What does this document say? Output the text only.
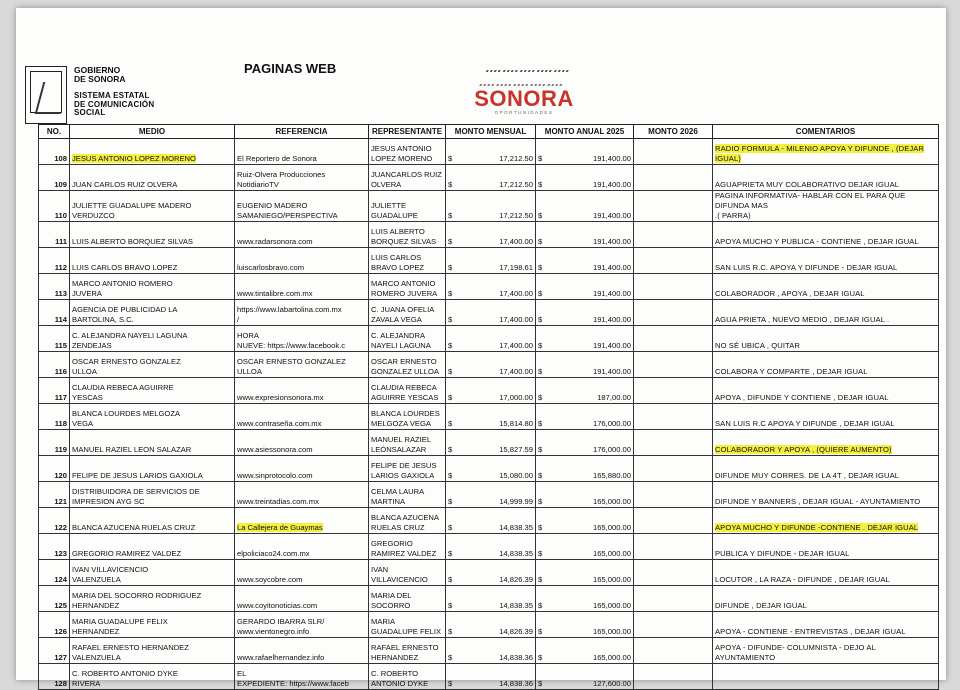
GOBIERNO
DE SONORA
SISTEMA ESTATAL
DE COMUNICACIÓN
SOCIAL
PAGINAS WEB
SONORA
OPORTUNIDADES
NO.	MEDIO	REFERENCIA	REPRESENTANTE	MONTO MENSUAL	MONTO ANUAL 2025	MONTO 2026	COMENTARIOS
108	JESUS ANTONIO LOPEZ MORENO	El Reportero de Sonora	JESUS ANTONIO
LOPEZ MORENO	$ 17,212.50	$ 191,400.00		RADIO FORMULA - MILENIO APOYA Y DIFUNDE , (DEJAR IGUAL)
109	JUAN CARLOS RUIZ OLVERA	Ruiz-Olvera Producciones
NotidiarioTV	JUANCARLOS RUIZ
OLVERA	$ 17,212.50	$ 191,400.00		AGUAPRIETA MUY COLABORATIVO DEJAR IGUAL
110	JULIETTE GUADALUPE MADERO
VERDUZCO	EUGENIO MADERO
SAMANIEGO/PERSPECTIVA	JULIETTE
GUADALUPE	$ 17,212.50	$ 191,400.00		PAGINA INFORMATIVA- HABLAR CON EL PARA QUE DIFUNDA MAS
.( PARRA)
111	LUIS ALBERTO BORQUEZ SILVAS	www.radarsonora.com	LUIS ALBERTO
BORQUEZ SILVAS	$ 17,400.00	$ 191,400.00		APOYA MUCHO Y PUBLICA - CONTIENE , DEJAR IGUAL
112	LUIS CARLOS BRAVO LOPEZ	luiscarlosbravo.com	LUIS CARLOS
BRAVO LOPEZ	$ 17,198.61	$ 191,400.00		SAN LUIS R.C. APOYA Y DIFUNDE - DEJAR IGUAL
113	MARCO ANTONIO ROMERO
JUVERA	www.tintalibre.com.mx	MARCO ANTONIO
ROMERO JUVERA	$ 17,400.00	$ 191,400.00		COLABORADOR , APOYA , DEJAR IGUAL
114	AGENCIA DE PUBLICIDAD LA
BARTOLINA, S.C.	https://www.labartolina.com.mx
/	C. JUANA OFELIA
ZAVALA VEGA	$ 17,400.00	$ 191,400.00		AGUA PRIETA , NUEVO MEDIO , DEJAR IGUAL .
115	C. ALEJANDRA NAYELI LAGUNA
ZENDEJAS	HORA
NUEVE: https://www.facebook.c	C. ALEJANDRA
NAYELI LAGUNA	$ 17,400.00	$ 191,400.00		NO SÉ UBICA , QUITAR
116	OSCAR ERNESTO GONZALEZ
ULLOA	OSCAR ERNESTO GONZALEZ
ULLOA	OSCAR ERNESTO
GONZALEZ ULLOA	$ 17,400.00	$ 191,400.00		COLABORA Y COMPARTE , DEJAR IGUAL
117	CLAUDIA REBECA AGUIRRE
YESCAS	www.expresionsonora.mx	CLAUDIA REBECA
AGUIRRE YESCAS	$ 17,000.00	$ 187,00.00		APOYA , DIFUNDE Y CONTIENE , DEJAR IGUAL
118	BLANCA LOURDES MELGOZA
VEGA	www.contraseña.com.mx	BLANCA LOURDES
MELGOZA VEGA	$ 15,814.80	$ 176,000.00		SAN LUIS R.C APOYA Y DIFUNDE , DEJAR IGUAL
119	MANUEL RAZIEL LEON SALAZAR	www.asiessonora.com	MANUEL RAZIEL
LEÓNSALAZAR	$ 15,827.59	$ 176,000.00		COLABORADOR Y APOYA , (QUIERE AUMENTO)
120	FELIPE DE JESUS LARIOS GAXIOLA	www.sinprotocolo.com	FELIPE DE JESUS
LARIOS GAXIOLA	$ 15,080.00	$ 165,880.00		DIFUNDE MUY CORRES. DE LA 4T , DEJAR IGUAL
121	DISTRIBUIDORA DE SERVICIOS DE
IMPRESION AYG SC	www.treintadias.com.mx	CELMA LAURA
MARTINA	$ 14,999.99	$ 165,000.00		DIFUNDE Y BANNERS , DEJAR IGUAL - AYUNTAMIENTO
122	BLANCA AZUCENA RUELAS CRUZ	La Callejera de Guaymas	BLANCA AZUCENA
RUELAS CRUZ	$ 14,838.35	$ 165,000.00		APOYA MUCHO Y DIFUNDE -CONTIENE . DEJAR IGUAL
123	GREGORIO RAMIREZ VALDEZ	elpoliciaco24.com.mx	GREGORIO
RAMIREZ VALDEZ	$ 14,838.35	$ 165,000.00		PUBLICA Y DIFUNDE - DEJAR IGUAL
124	IVAN VILLAVICENCIO
VALENZUELA	www.soycobre.com	IVAN
VILLAVICENCIO	$ 14,826.39	$ 165,000.00		LOCUTOR , LA RAZA - DIFUNDE , DEJAR IGUAL
125	MARIA DEL SOCORRO RODRIGUEZ
HERNANDEZ	www.coyitonoticias.com	MARIA DEL
SOCORRO	$ 14,838.35	$ 165,000.00		DIFUNDE , DEJAR IGUAL
126	MARIA GUADALUPE FELIX
HERNANDEZ	GERARDO IBARRA SLR/
www.vientonegro.info	MARIA
GUADALUPE FELIX	$ 14,826.39	$ 165,000.00		APOYA - CONTIENE - ENTREVISTAS , DEJAR IGUAL
127	RAFAEL ERNESTO HERNANDEZ
VALENZUELA	www.rafaelhernandez.info	RAFAEL ERNESTO
HERNANDEZ	$ 14,838.36	$ 165,000.00		APOYA - DIFUNDE- COLUMNISTA - DEJO AL AYUNTAMIENTO
128	C. ROBERTO ANTONIO DYKE
RIVERA	EL
EXPEDIENTE: https://www.faceb	C. ROBERTO
ANTONIO DYKE	$ 14,838.36	$ 127,600.00		
